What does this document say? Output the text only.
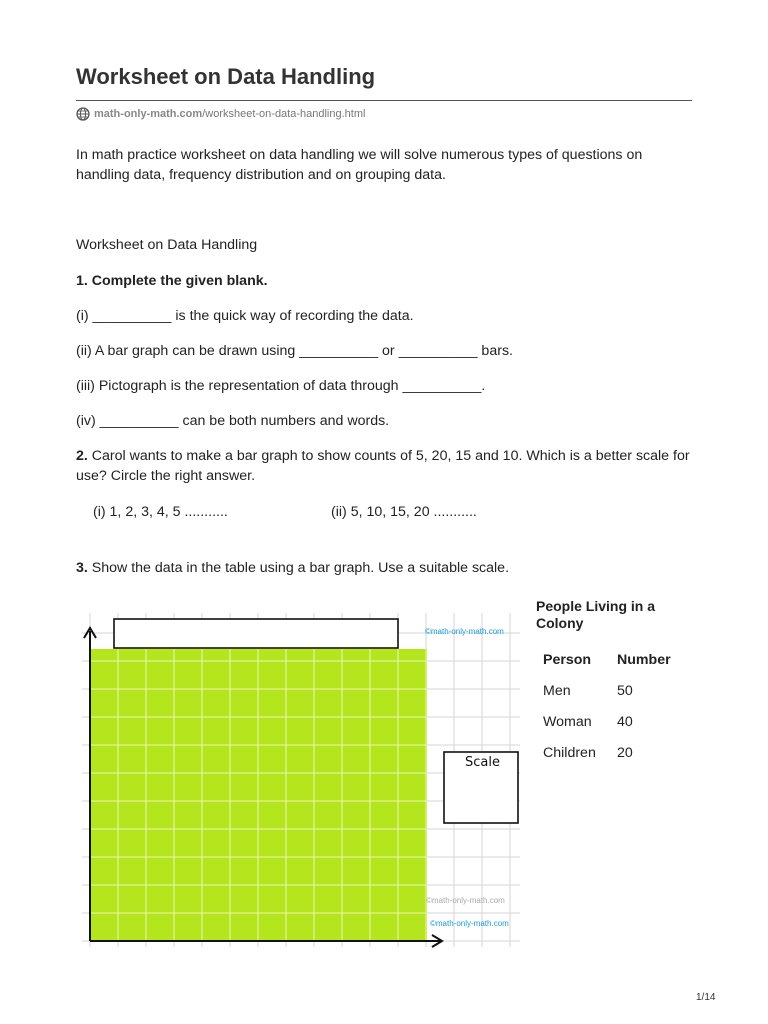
Worksheet on Data Handling
math-only-math.com /worksheet-on-data-handling.html
In math practice worksheet on data handling we will solve numerous types of questions on handling data, frequency distribution and on grouping data.
Worksheet on Data Handling
1. Complete the given blank.
(i) __________ is the quick way of recording the data.
(ii) A bar graph can be drawn using __________ or __________ bars.
(iii) Pictograph is the representation of data through __________.
(iv) __________ can be both numbers and words.
2. Carol wants to make a bar graph to show counts of 5, 20, 15 and 10. Which is a better scale for use? Circle the right answer.
(i) 1, 2, 3, 4, 5 ...........	(ii) 5, 10, 15, 20 ...........
3. Show the data in the table using a bar graph. Use a suitable scale.
©math-only-math.com
©math-only-math.com
©math-only-math.com
Scale
People Living in a Colony
Person Number
Men	50
Woman 40
Children 20
1/14
